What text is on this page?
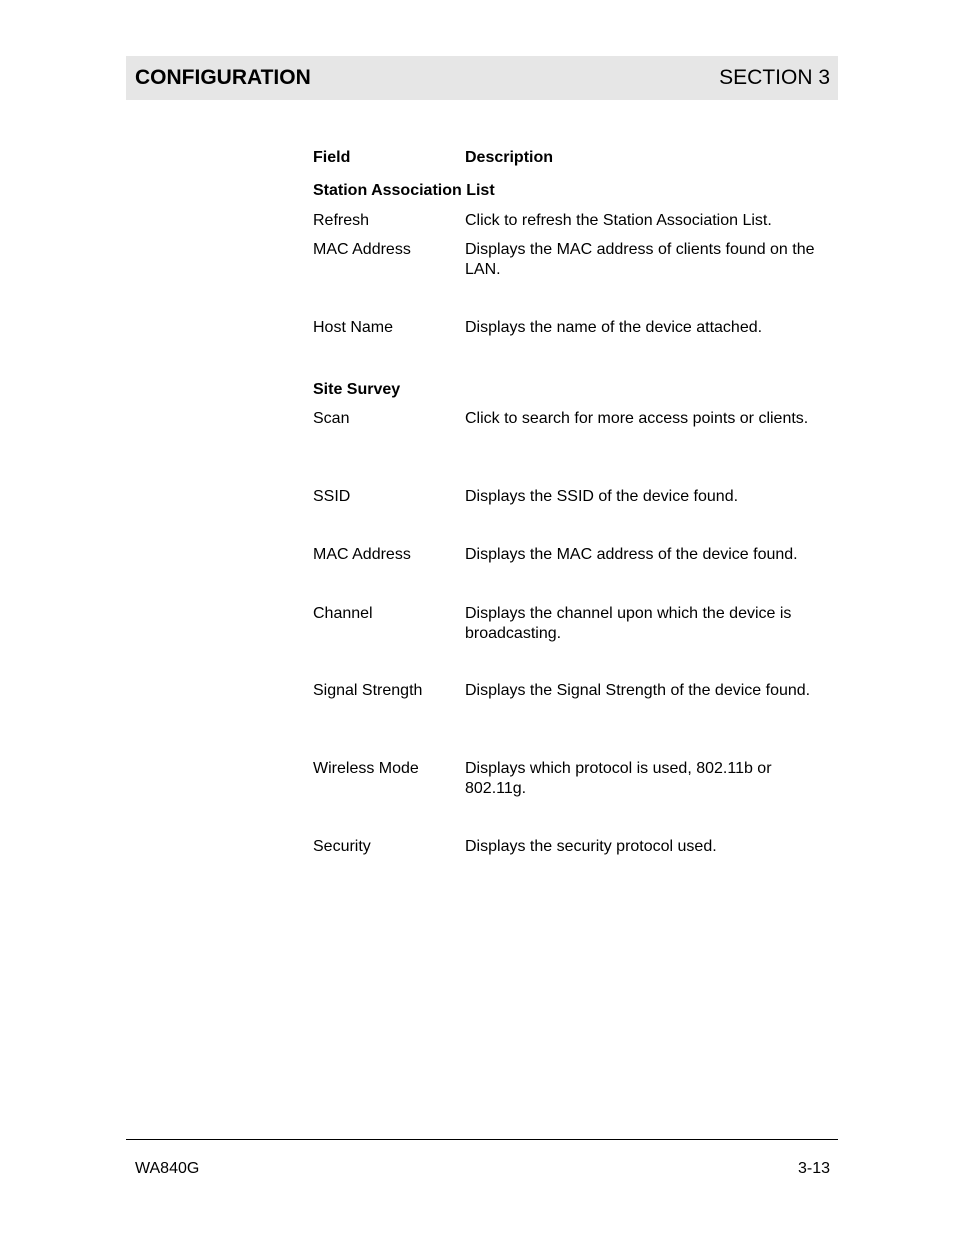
CONFIGURATION	SECTION 3
Field	Description
Station Association List
Refresh	Click to refresh the Station Association List.
MAC Address	Displays the MAC address of clients found on the LAN.
Host Name	Displays the name of the device attached.
Site Survey
Scan	Click to search for more access points or clients.
SSID	Displays the SSID of the device found.
MAC Address	Displays the MAC address of the device found.
Channel	Displays the channel upon which the device is broadcasting.
Signal Strength	Displays the Signal Strength of the device found.
Wireless Mode	Displays which protocol is used, 802.11b or 802.11g.
Security	Displays the security protocol used.
WA840G	3-13
